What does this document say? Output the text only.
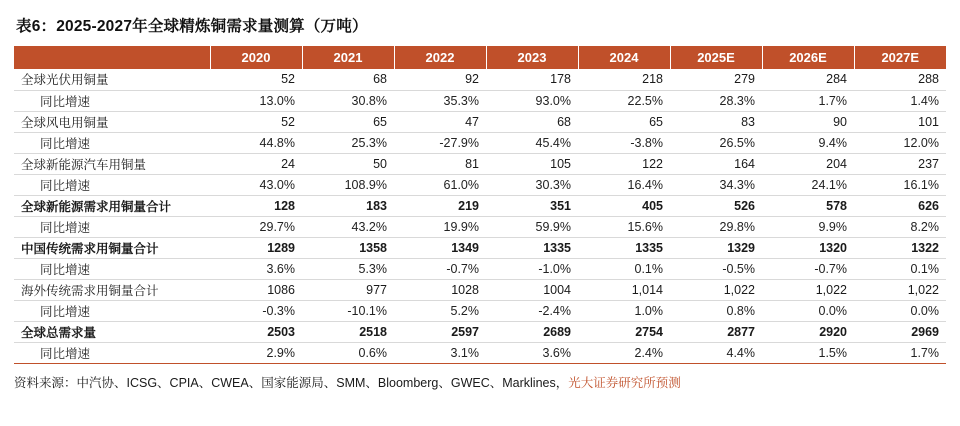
表6：2025-2027年全球精炼铜需求量测算（万吨）
	2020	2021	2022	2023	2024	2025E	2026E	2027E
全球光伏用铜量	52	68	92	178	218	279	284	288
同比增速	13.0%	30.8%	35.3%	93.0%	22.5%	28.3%	1.7%	1.4%
全球风电用铜量	52	65	47	68	65	83	90	101
同比增速	44.8%	25.3%	-27.9%	45.4%	-3.8%	26.5%	9.4%	12.0%
全球新能源汽车用铜量	24	50	81	105	122	164	204	237
同比增速	43.0%	108.9%	61.0%	30.3%	16.4%	34.3%	24.1%	16.1%
全球新能源需求用铜量合计	128	183	219	351	405	526	578	626
同比增速	29.7%	43.2%	19.9%	59.9%	15.6%	29.8%	9.9%	8.2%
中国传统需求用铜量合计	1289	1358	1349	1335	1335	1329	1320	1322
同比增速	3.6%	5.3%	-0.7%	-1.0%	0.1%	-0.5%	-0.7%	0.1%
海外传统需求用铜量合计	1086	977	1028	1004	1,014	1,022	1,022	1,022
同比增速	-0.3%	-10.1%	5.2%	-2.4%	1.0%	0.8%	0.0%	0.0%
全球总需求量	2503	2518	2597	2689	2754	2877	2920	2969
同比增速	2.9%	0.6%	3.1%	3.6%	2.4%	4.4%	1.5%	1.7%
资料来源：中汽协、ICSG、CPIA、CWEA、国家能源局、SMM、Bloomberg、GWEC、Marklines，光大证券研究所预测
